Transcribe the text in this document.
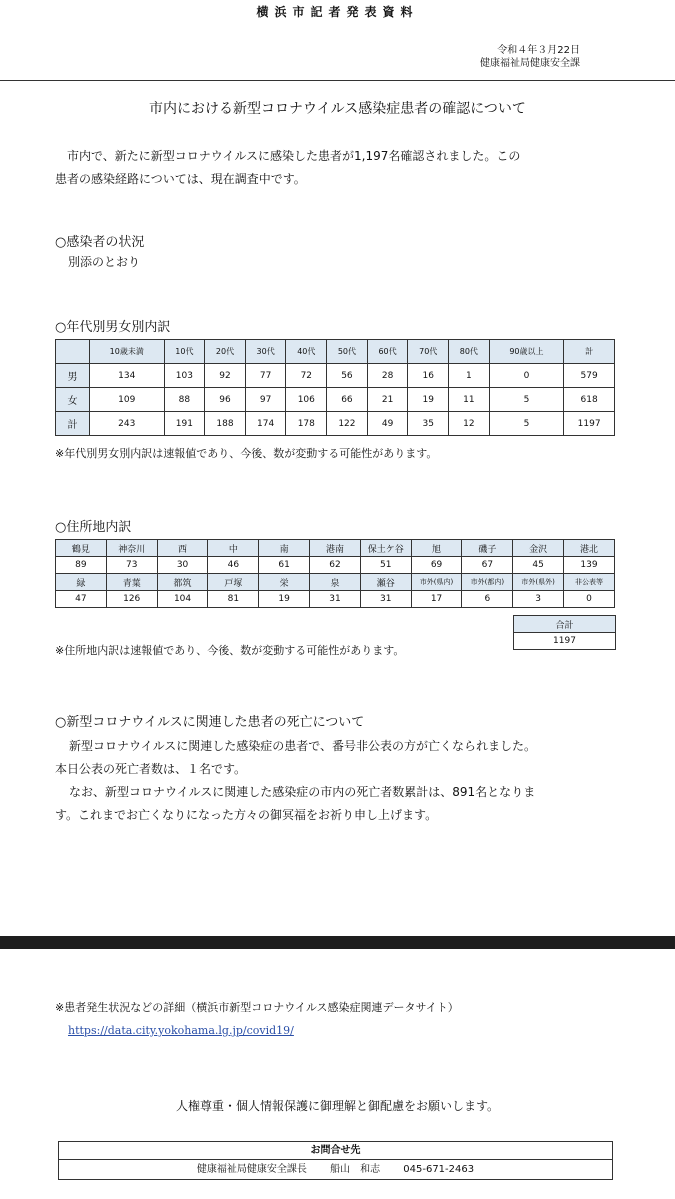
横浜市記者発表資料
令和４年３月22日
健康福祉局健康安全課
市内における新型コロナウイルス感染症患者の確認について
市内で、新たに新型コロナウイルスに感染した患者が1,197名確認されました。この
患者の感染経路については、現在調査中です。
○感染者の状況
別添のとおり
○年代別男女別内訳
	10歳未満	10代	20代	30代	40代	50代	60代	70代	80代	90歳以上	計
男	134	103	92	77	72	56	28	16	1	0	579
女	109	88	96	97	106	66	21	19	11	5	618
計	243	191	188	174	178	122	49	35	12	5	1197
※年代別男女別内訳は速報値であり、今後、数が変動する可能性があります。
○住所地内訳
鶴見	神奈川	西	中	南	港南	保土ケ谷	旭	磯子	金沢	港北
89	73	30	46	61	62	51	69	67	45	139
緑	青葉	都筑	戸塚	栄	泉	瀬谷	市外(県内)	市外(都内)	市外(県外)	非公表等
47	126	104	81	19	31	31	17	6	3	0
合計
1197
※住所地内訳は速報値であり、今後、数が変動する可能性があります。
○新型コロナウイルスに関連した患者の死亡について
新型コロナウイルスに関連した感染症の患者で、番号非公表の方が亡くなられました。
本日公表の死亡者数は、１名です。
なお、新型コロナウイルスに関連した感染症の市内の死亡者数累計は、891名となりま
す。これまでお亡くなりになった方々の御冥福をお祈り申し上げます。
※患者発生状況などの詳細（横浜市新型コロナウイルス感染症関連データサイト）
https://data.city.yokohama.lg.jp/covid19/
人権尊重・個人情報保護に御理解と御配慮をお願いします。
お問合せ先
健康福祉局健康安全課長 船山　和志 045-671-2463
